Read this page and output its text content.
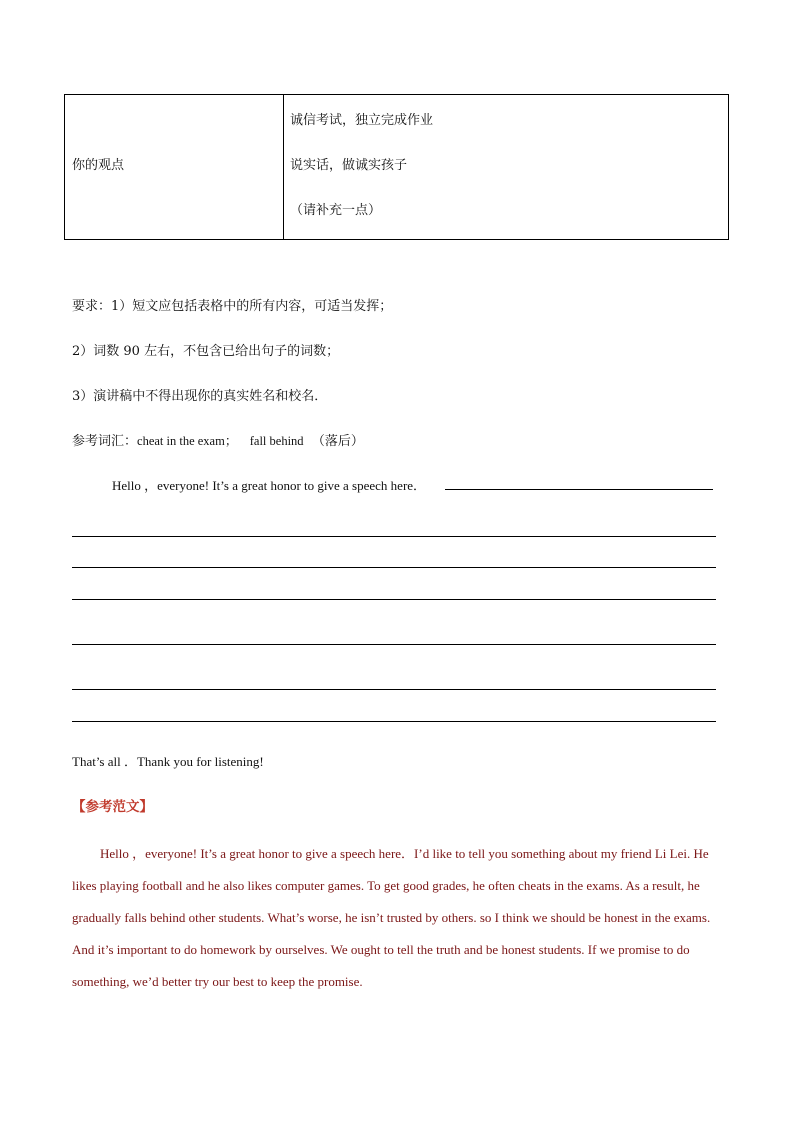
你的观点
诚信考试，独立完成作业
说实话，做诚实孩子
（请补充一点）
要求：1）短文应包括表格中的所有内容，可适当发挥；
2）词数 90 左右，不包含已给出句子的词数；
3）演讲稿中不得出现你的真实姓名和校名．
参考词汇：cheat in the exam； fall behind （落后）
Hello ，everyone! It’s a great honor to give a speech here．
That’s all ．Thank you for listening!
【参考范文】
Hello ，everyone! It’s a great honor to give a speech here．I’d like to tell you something about my friend Li Lei. He likes playing football and he also likes computer games. To get good grades, he often cheats in the exams. As a result, he gradually falls behind other students. What’s worse, he isn’t trusted by others. so I think we should be honest in the exams. And it’s important to do homework by ourselves. We ought to tell the truth and be honest students. If we promise to do something, we’d better try our best to keep the promise.
